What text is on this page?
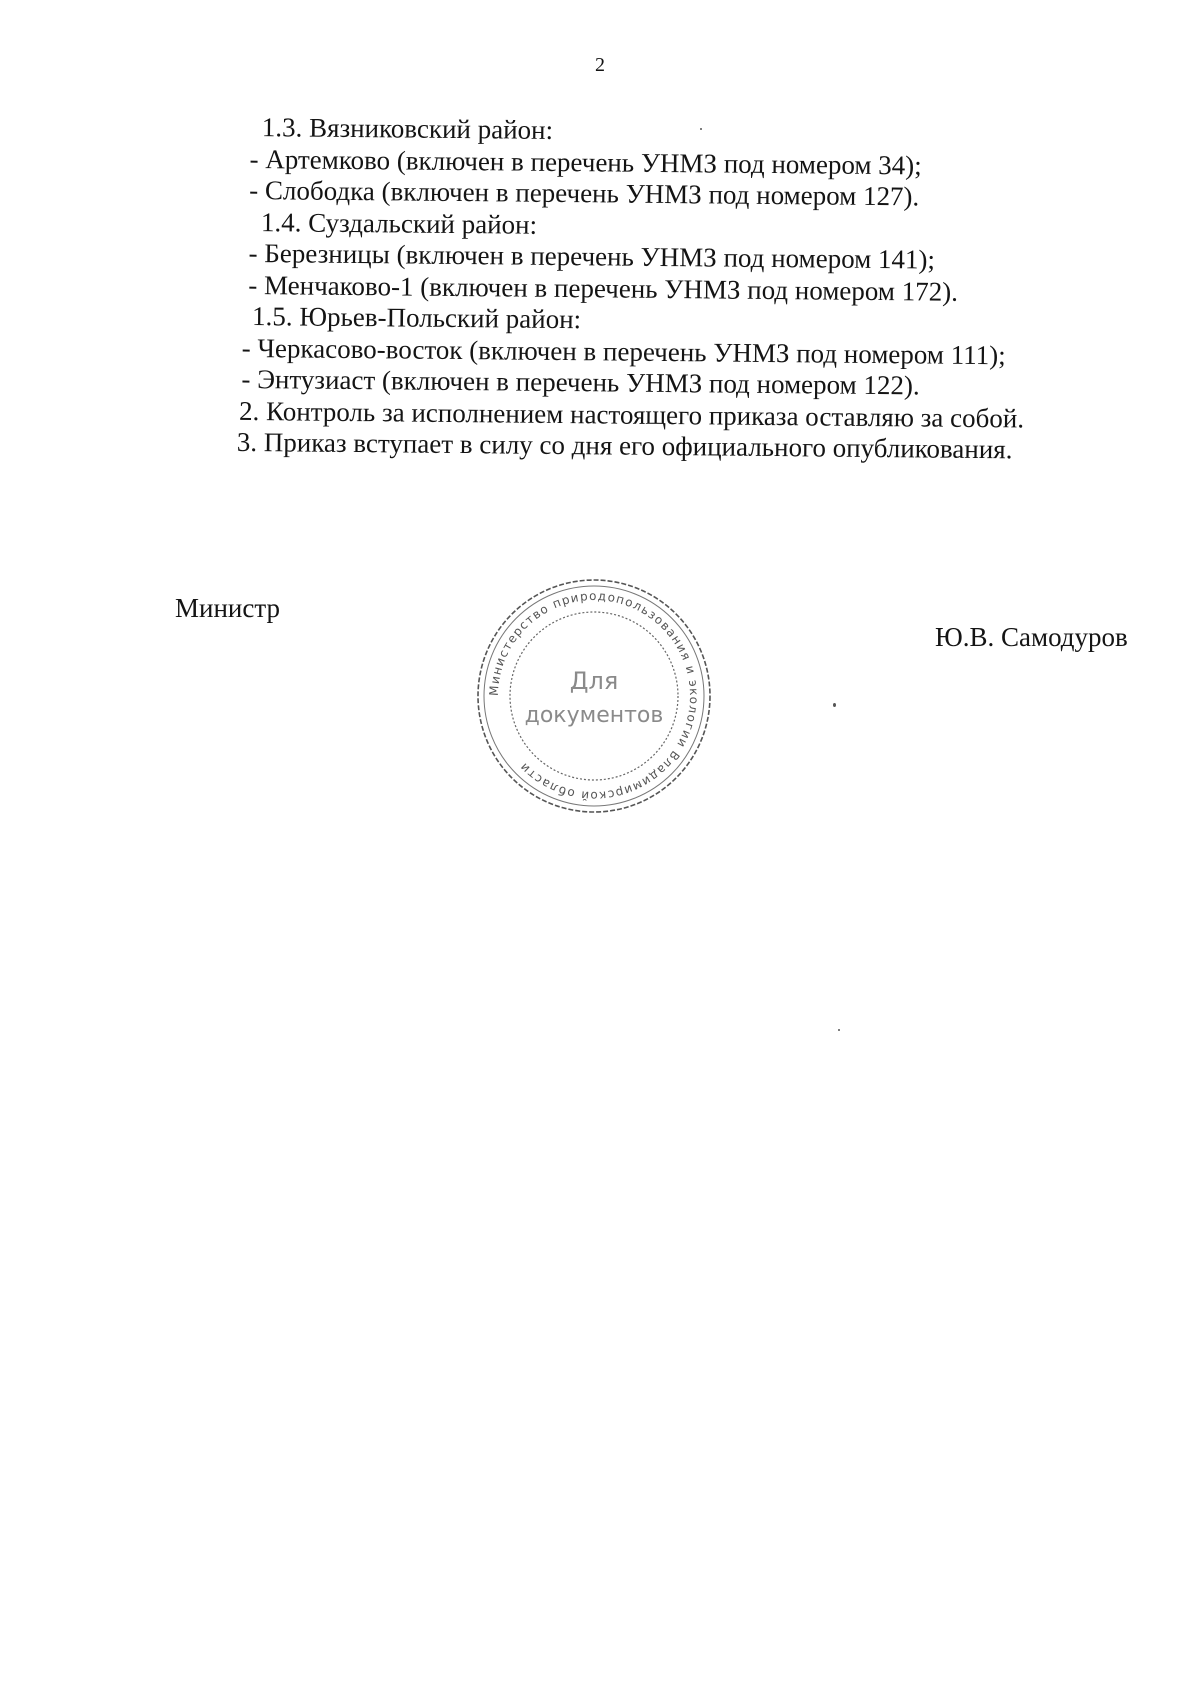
2
1.3. Вязниковский район:
- Артемково (включен в перечень УНМЗ под номером 34);
- Слободка (включен в перечень УНМЗ под номером 127).
1.4. Суздальский район:
- Березницы (включен в перечень УНМЗ под номером 141);
- Менчаково-1 (включен в перечень УНМЗ под номером 172).
1.5. Юрьев-Польский район:
- Черкасово-восток (включен в перечень УНМЗ под номером 111);
- Энтузиаст (включен в перечень УНМЗ под номером 122).
2. Контроль за исполнением настоящего приказа оставляю за собой.
3. Приказ вступает в силу со дня его официального опубликования.
Министр
Ю.В. Самодуров
Министерство природопользования и экологии Владимирской области
Для
документов
